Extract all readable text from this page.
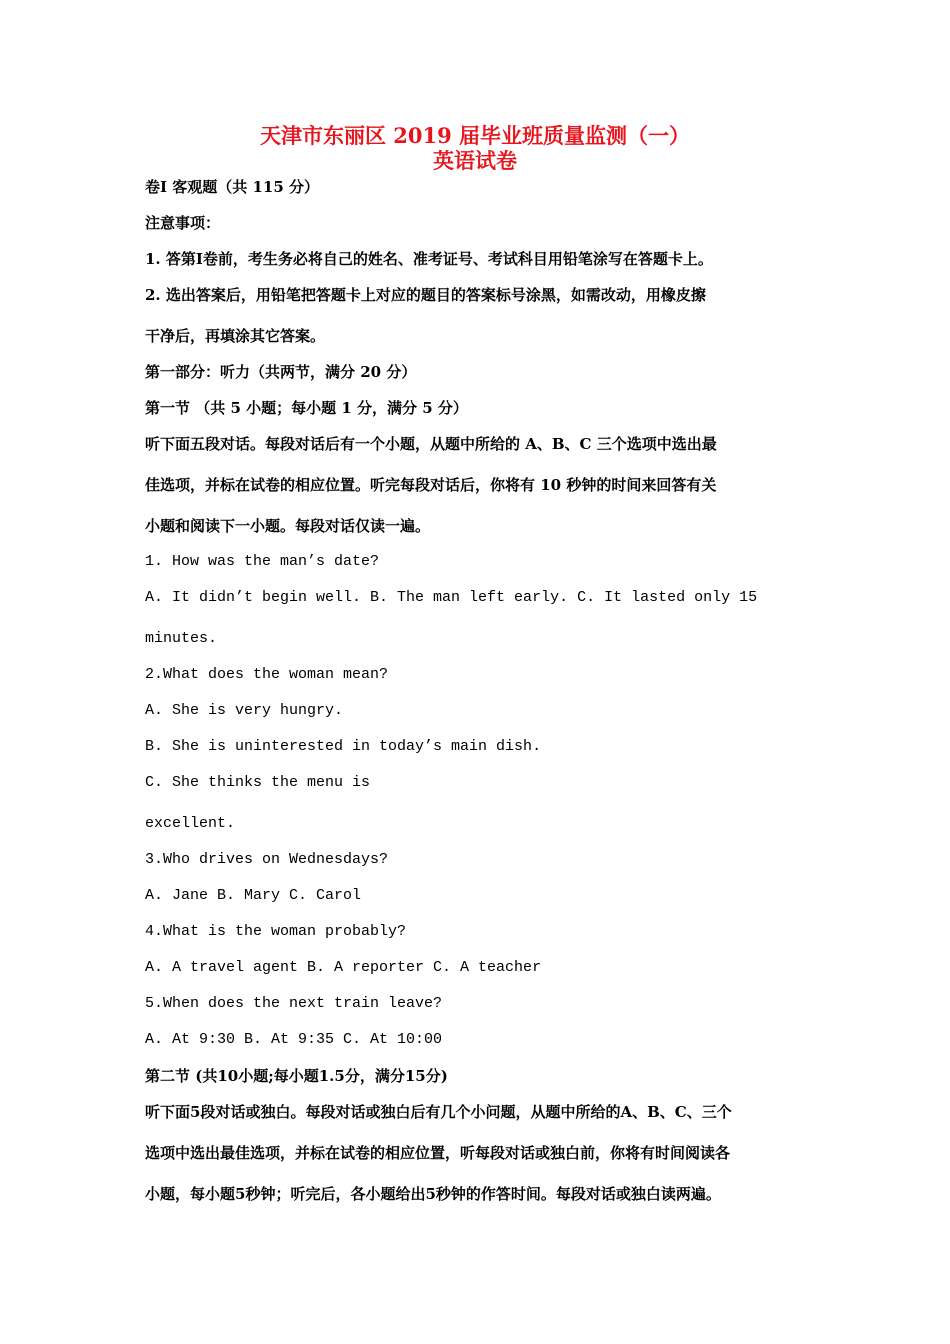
天津市东丽区 2019 届毕业班质量监测（一）
英语试卷
卷Ⅰ 客观题（共 115 分）
注意事项：
1. 答第Ⅰ卷前，考生务必将自己的姓名、准考证号、考试科目用铅笔涂写在答题卡上。
2. 选出答案后，用铅笔把答题卡上对应的题目的答案标号涂黑，如需改动，用橡皮擦
干净后，再填涂其它答案。
第一部分：听力（共两节，满分 20 分）
第一节 （共 5 小题；每小题 1 分，满分 5 分）
听下面五段对话。每段对话后有一个小题，从题中所给的 A、B、C 三个选项中选出最
佳选项，并标在试卷的相应位置。听完每段对话后，你将有 10 秒钟的时间来回答有关
小题和阅读下一小题。每段对话仅读一遍。
1. How was the man’s date?
A. It didn’t begin well. B. The man left early. C. It lasted only 15
minutes.
2.What does the woman mean?
A. She is very hungry.
B. She is uninterested in today’s main dish.
C. She thinks the menu is
excellent.
3.Who drives on Wednesdays?
A. Jane B. Mary C. Carol
4.What is the woman probably?
A. A travel agent B. A reporter C. A teacher
5.When does the next train leave?
A. At 9:30 B. At 9:35 C. At 10:00
第二节 (共10小题;每小题1.5分，满分15分)
听下面5段对话或独白。每段对话或独白后有几个小问题，从题中所给的A、B、C、三个
选项中选出最佳选项，并标在试卷的相应位置，听每段对话或独白前，你将有时间阅读各
小题，每小题5秒钟；听完后，各小题给出5秒钟的作答时间。每段对话或独白读两遍。
